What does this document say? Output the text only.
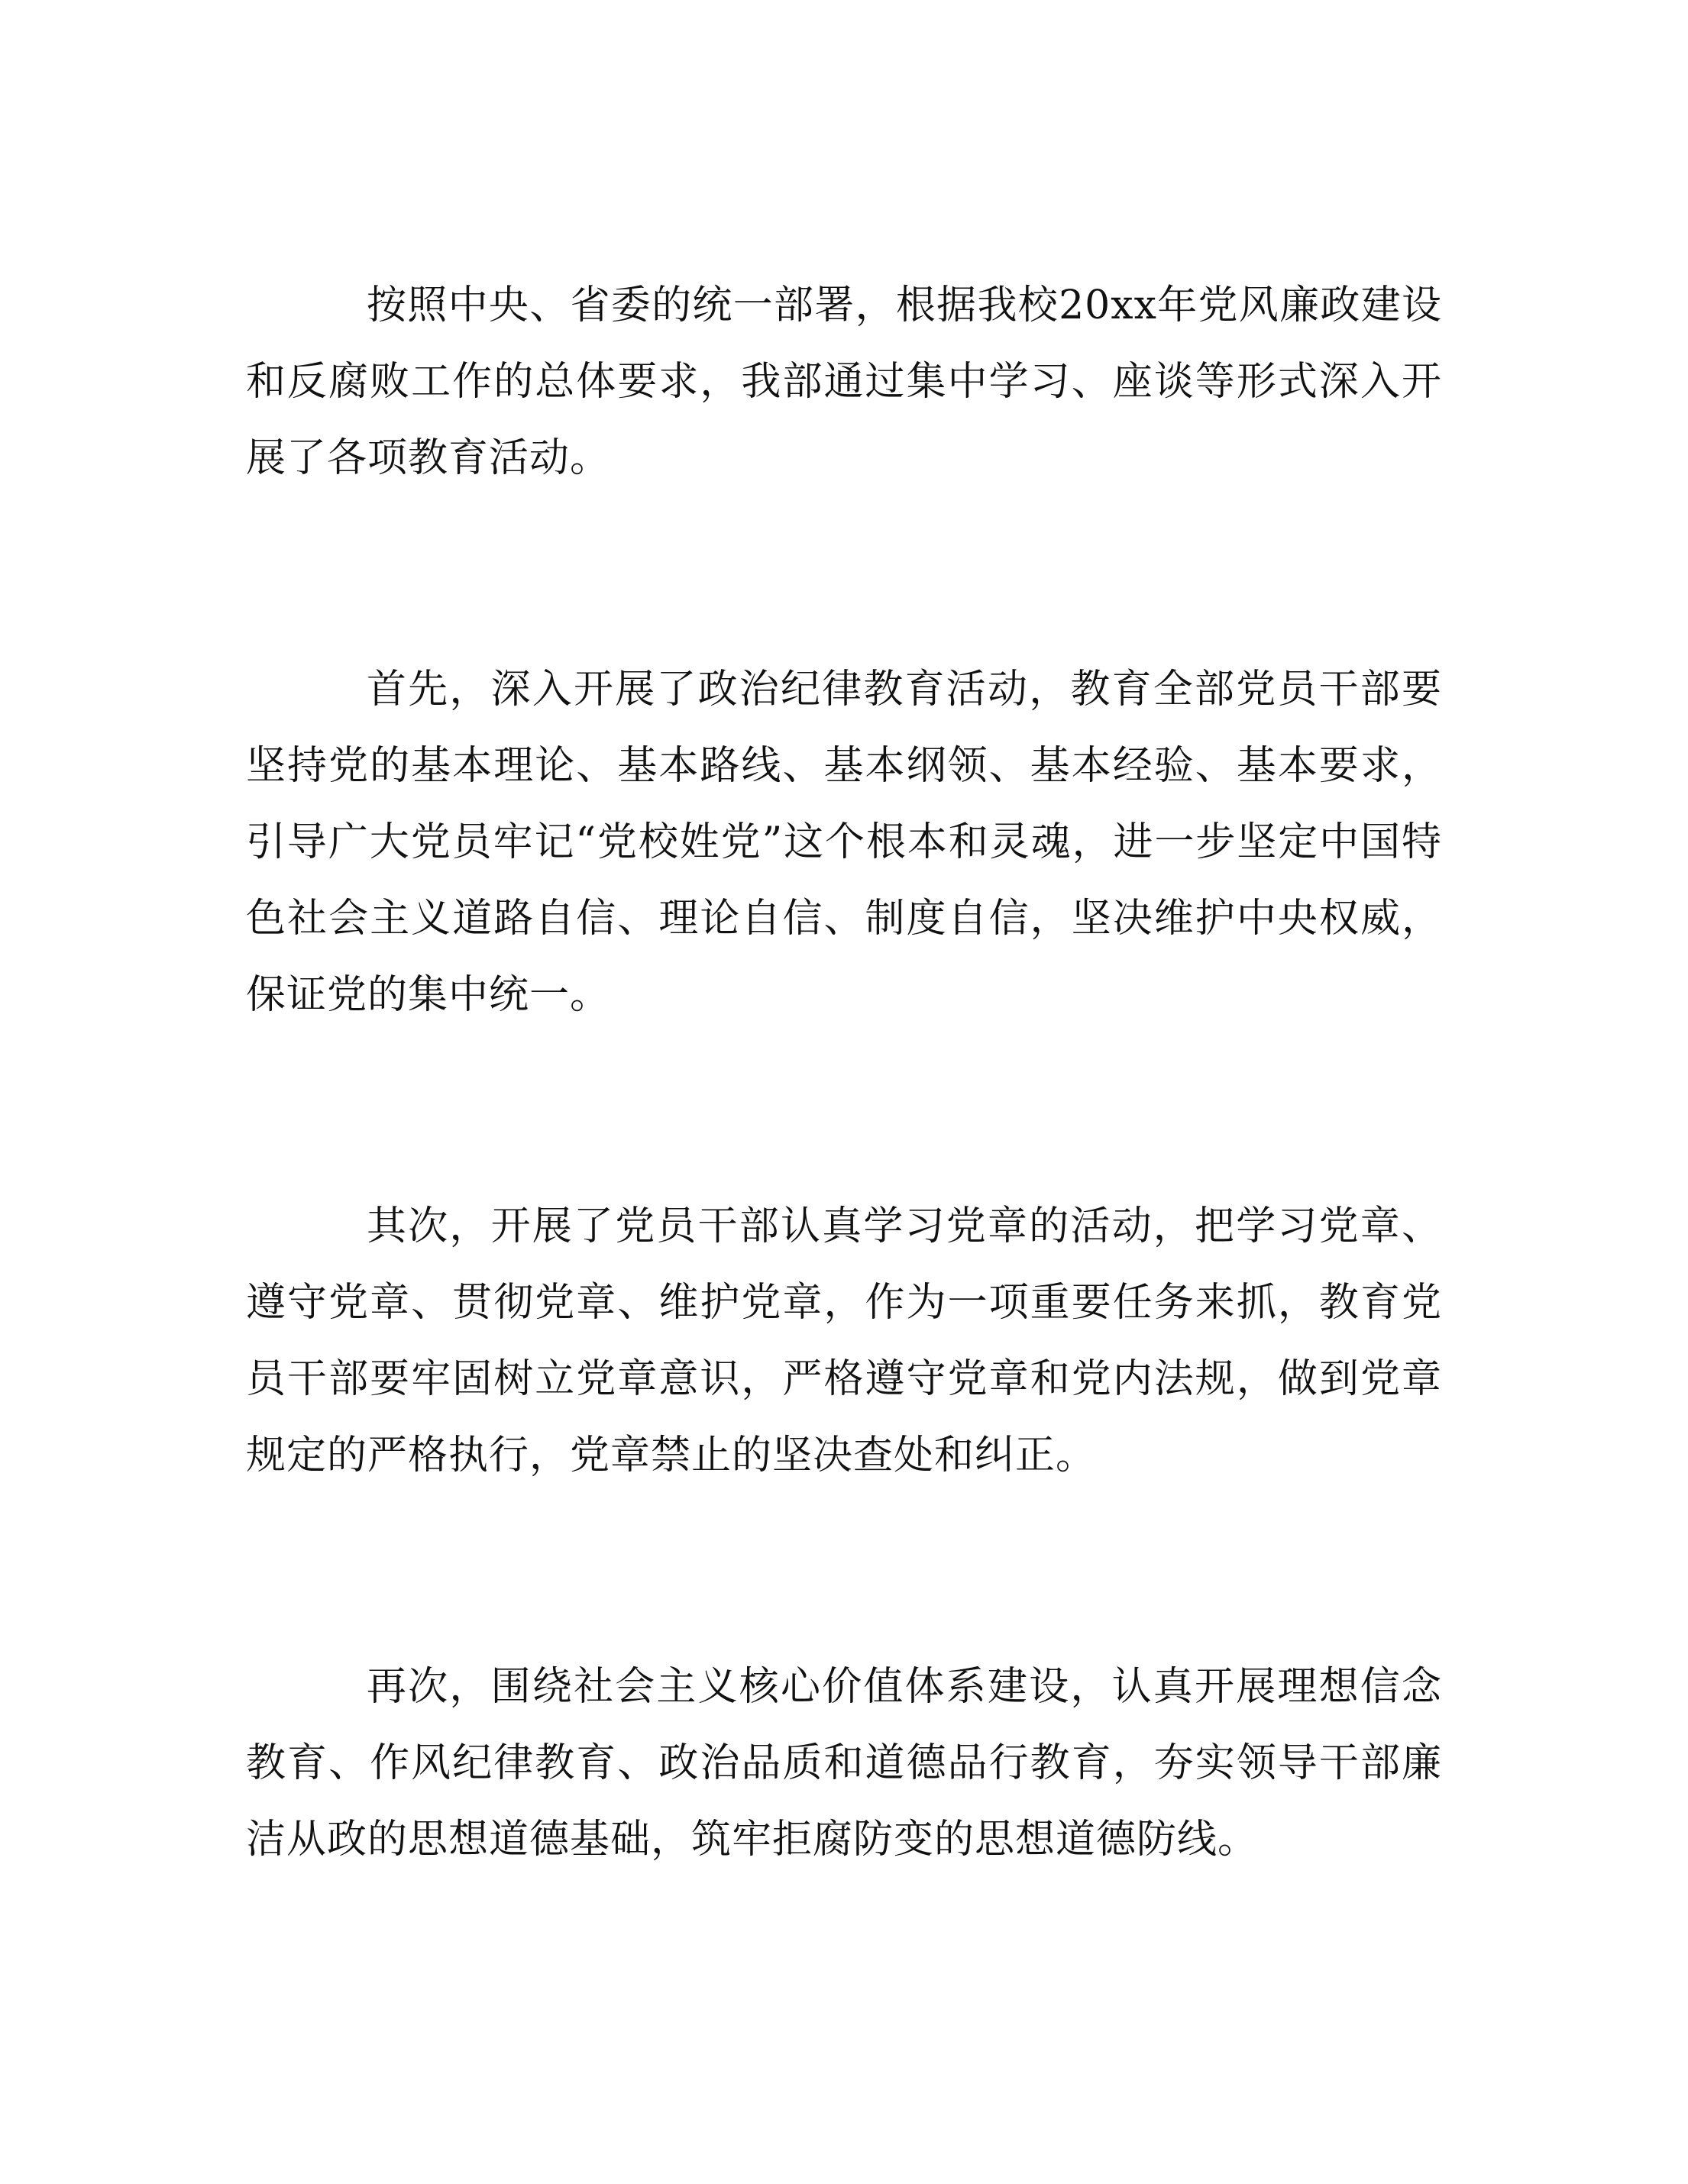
按照中央、省委的统一部署，根据我校20xx年党风廉政建设和反腐败工作的总体要求，我部通过集中学习、座谈等形式深入开展了各项教育活动。

首先，深入开展了政治纪律教育活动，教育全部党员干部要坚持党的基本理论、基本路线、基本纲领、基本经验、基本要求，引导广大党员牢记“党校姓党”这个根本和灵魂，进一步坚定中国特色社会主义道路自信、理论自信、制度自信，坚决维护中央权威，保证党的集中统一。

其次，开展了党员干部认真学习党章的活动，把学习党章、遵守党章、贯彻党章、维护党章，作为一项重要任务来抓，教育党员干部要牢固树立党章意识，严格遵守党章和党内法规，做到党章规定的严格执行，党章禁止的坚决查处和纠正。

再次，围绕社会主义核心价值体系建设，认真开展理想信念教育、作风纪律教育、政治品质和道德品行教育，夯实领导干部廉洁从政的思想道德基础，筑牢拒腐防变的思想道德防线。
